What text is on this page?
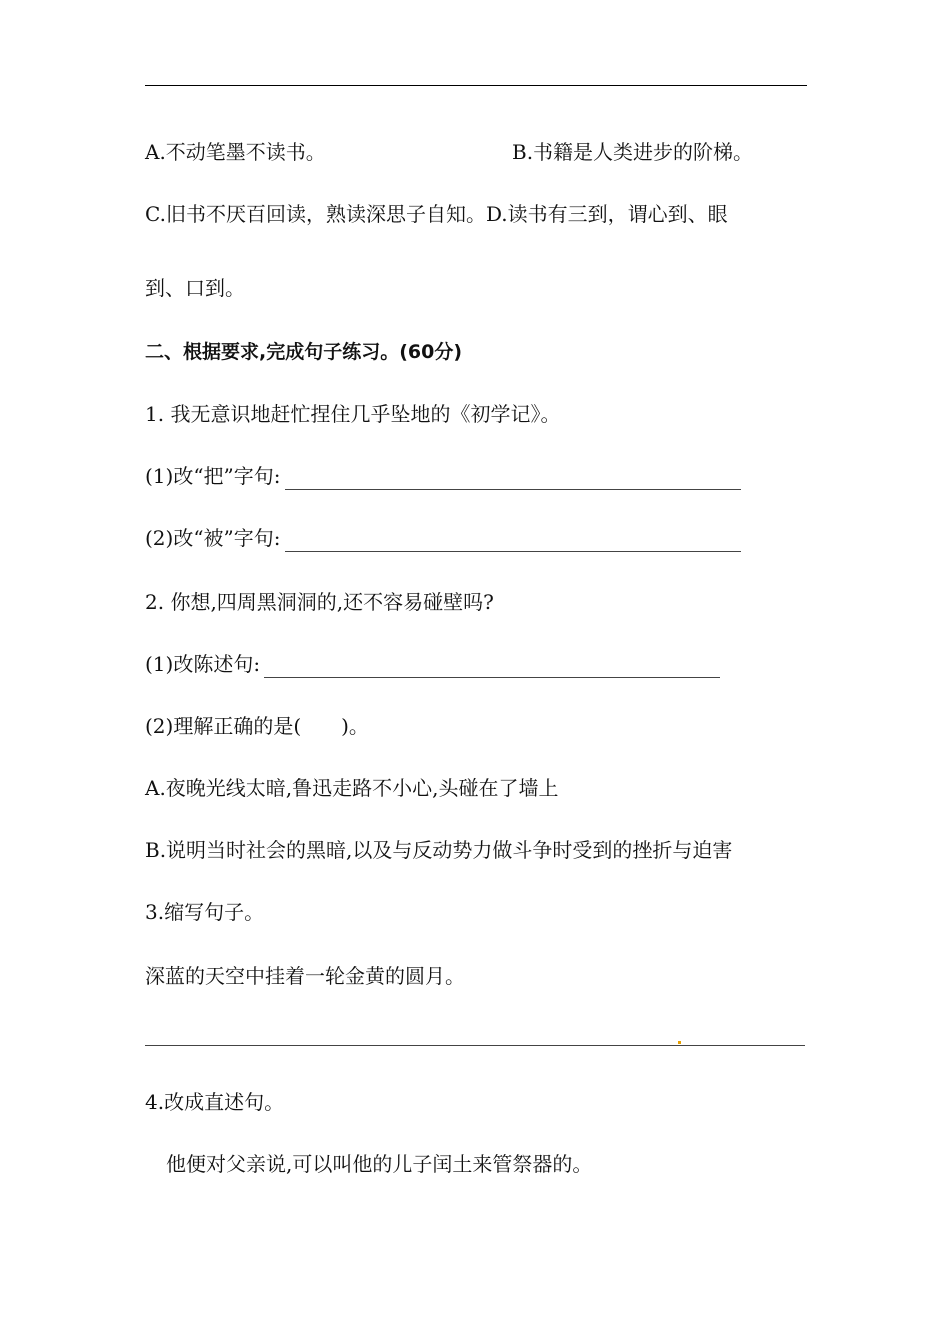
A.不动笔墨不读书。	B.书籍是人类进步的阶梯。
C.旧书不厌百回读，熟读深思子自知。D.读书有三到，谓心到、眼
到、口到。
二、根据要求,完成句子练习。(60分)
1. 我无意识地赶忙捏住几乎坠地的《初学记》。
(1)改“把”字句:
(2)改“被”字句:
2. 你想,四周黑洞洞的,还不容易碰壁吗?
(1)改陈述句:
(2)理解正确的是(　　)。
A.夜晚光线太暗,鲁迅走路不小心,头碰在了墙上
B.说明当时社会的黑暗,以及与反动势力做斗争时受到的挫折与迫害
3.缩写句子。
深蓝的天空中挂着一轮金黄的圆月。
4.改成直述句。
他便对父亲说,可以叫他的儿子闰土来管祭器的。
